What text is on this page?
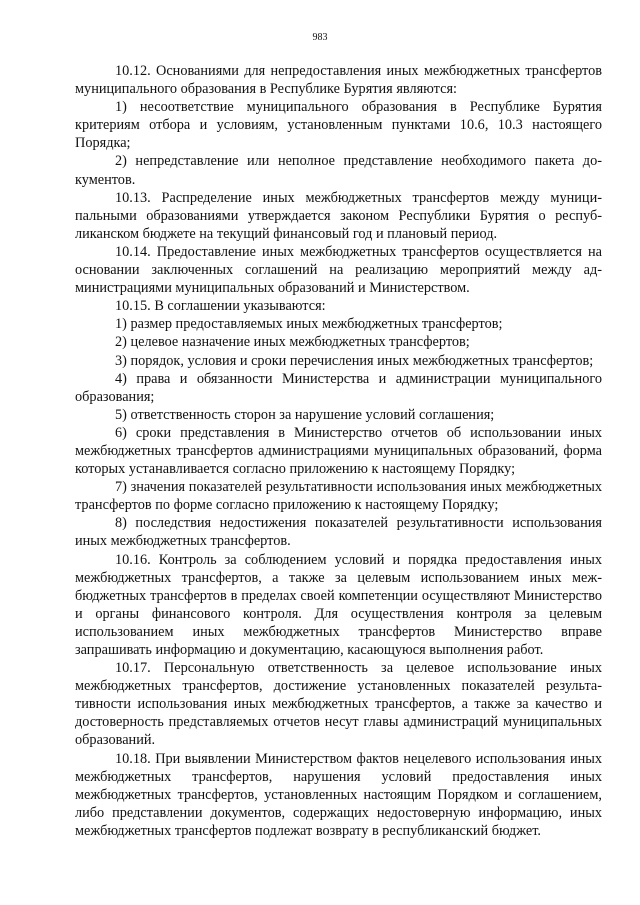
983

10.12. Основаниями для непредоставления иных межбюджетных трансфертов муниципального образования в Республике Бурятия являются:

1) несоответствие муниципального образования в Республике Бурятия критериям отбора и условиям, установленным пунктами 10.6, 10.3 настоящего Порядка;

2) непредставление или неполное представление необходимого пакета документов.

10.13. Распределение иных межбюджетных трансфертов между муниципальными образованиями утверждается законом Республики Бурятия о республиканском бюджете на текущий финансовый год и плановый период.

10.14. Предоставление иных межбюджетных трансфертов осуществляется на основании заключенных соглашений на реализацию мероприятий между администрациями муниципальных образований и Министерством.

10.15. В соглашении указываются:

1) размер предоставляемых иных межбюджетных трансфертов;

2) целевое назначение иных межбюджетных трансфертов;

3) порядок, условия и сроки перечисления иных межбюджетных трансфертов;

4) права и обязанности Министерства и администрации муниципального образования;

5) ответственность сторон за нарушение условий соглашения;

6) сроки представления в Министерство отчетов об использовании иных межбюджетных трансфертов администрациями муниципальных образований, форма которых устанавливается согласно приложению к настоящему Порядку;

7) значения показателей результативности использования иных межбюджетных трансфертов по форме согласно приложению к настоящему Порядку;

8) последствия недостижения показателей результативности использования иных межбюджетных трансфертов.

10.16. Контроль за соблюдением условий и порядка предоставления иных межбюджетных трансфертов, а также за целевым использованием иных межбюджетных трансфертов в пределах своей компетенции осуществляют Министерство и органы финансового контроля. Для осуществления контроля за целевым использованием иных межбюджетных трансфертов Министерство вправе запрашивать информацию и документацию, касающуюся выполнения работ.

10.17. Персональную ответственность за целевое использование иных межбюджетных трансфертов, достижение установленных показателей результативности использования иных межбюджетных трансфертов, а также за качество и достоверность представляемых отчетов несут главы администраций муниципальных образований.

10.18. При выявлении Министерством фактов нецелевого использования иных межбюджетных трансфертов, нарушения условий предоставления иных межбюджетных трансфертов, установленных настоящим Порядком и соглашением, либо представлении документов, содержащих недостоверную информацию, иных межбюджетных трансфертов подлежат возврату в республиканский бюджет.
